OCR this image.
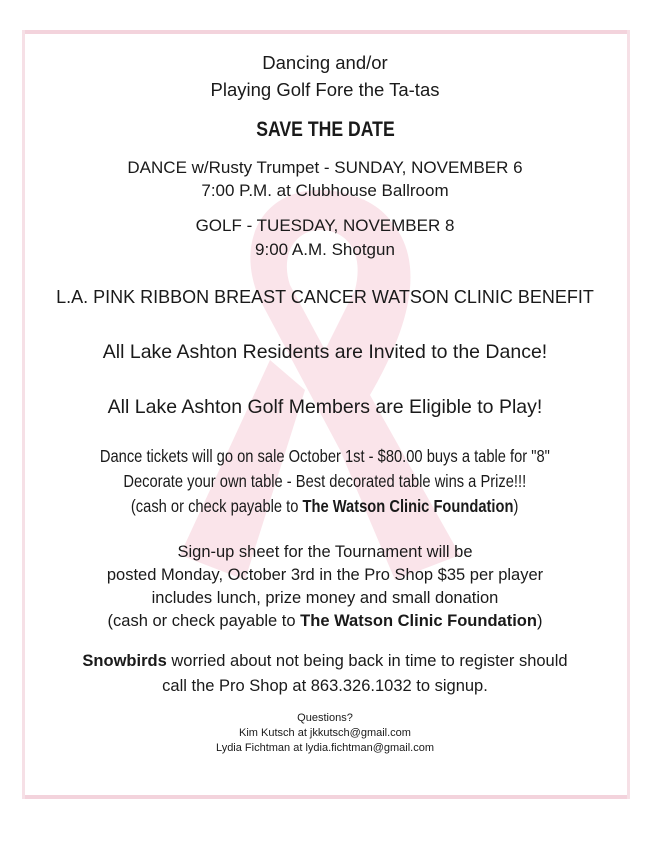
Dancing and/or
Playing Golf Fore the Ta-tas
SAVE THE DATE
DANCE w/Rusty Trumpet - SUNDAY, NOVEMBER 6
7:00 P.M. at Clubhouse Ballroom
GOLF - TUESDAY, NOVEMBER 8
9:00 A.M. Shotgun
L.A. PINK RIBBON BREAST CANCER WATSON CLINIC BENEFIT
All Lake Ashton Residents are Invited to the Dance!
All Lake Ashton Golf Members are Eligible to Play!
Dance tickets will go on sale October 1st - $80.00 buys a table for "8"
Decorate your own table - Best decorated table wins a Prize!!!
(cash or check payable to The Watson Clinic Foundation)
Sign-up sheet for the Tournament will be
posted Monday, October 3rd in the Pro Shop $35 per player
includes lunch, prize money and small donation
(cash or check payable to The Watson Clinic Foundation)
Snowbirds worried about not being back in time to register should
call the Pro Shop at 863.326.1032 to signup.
Questions?
Kim Kutsch at jkkutsch@gmail.com
Lydia Fichtman at lydia.fichtman@gmail.com
